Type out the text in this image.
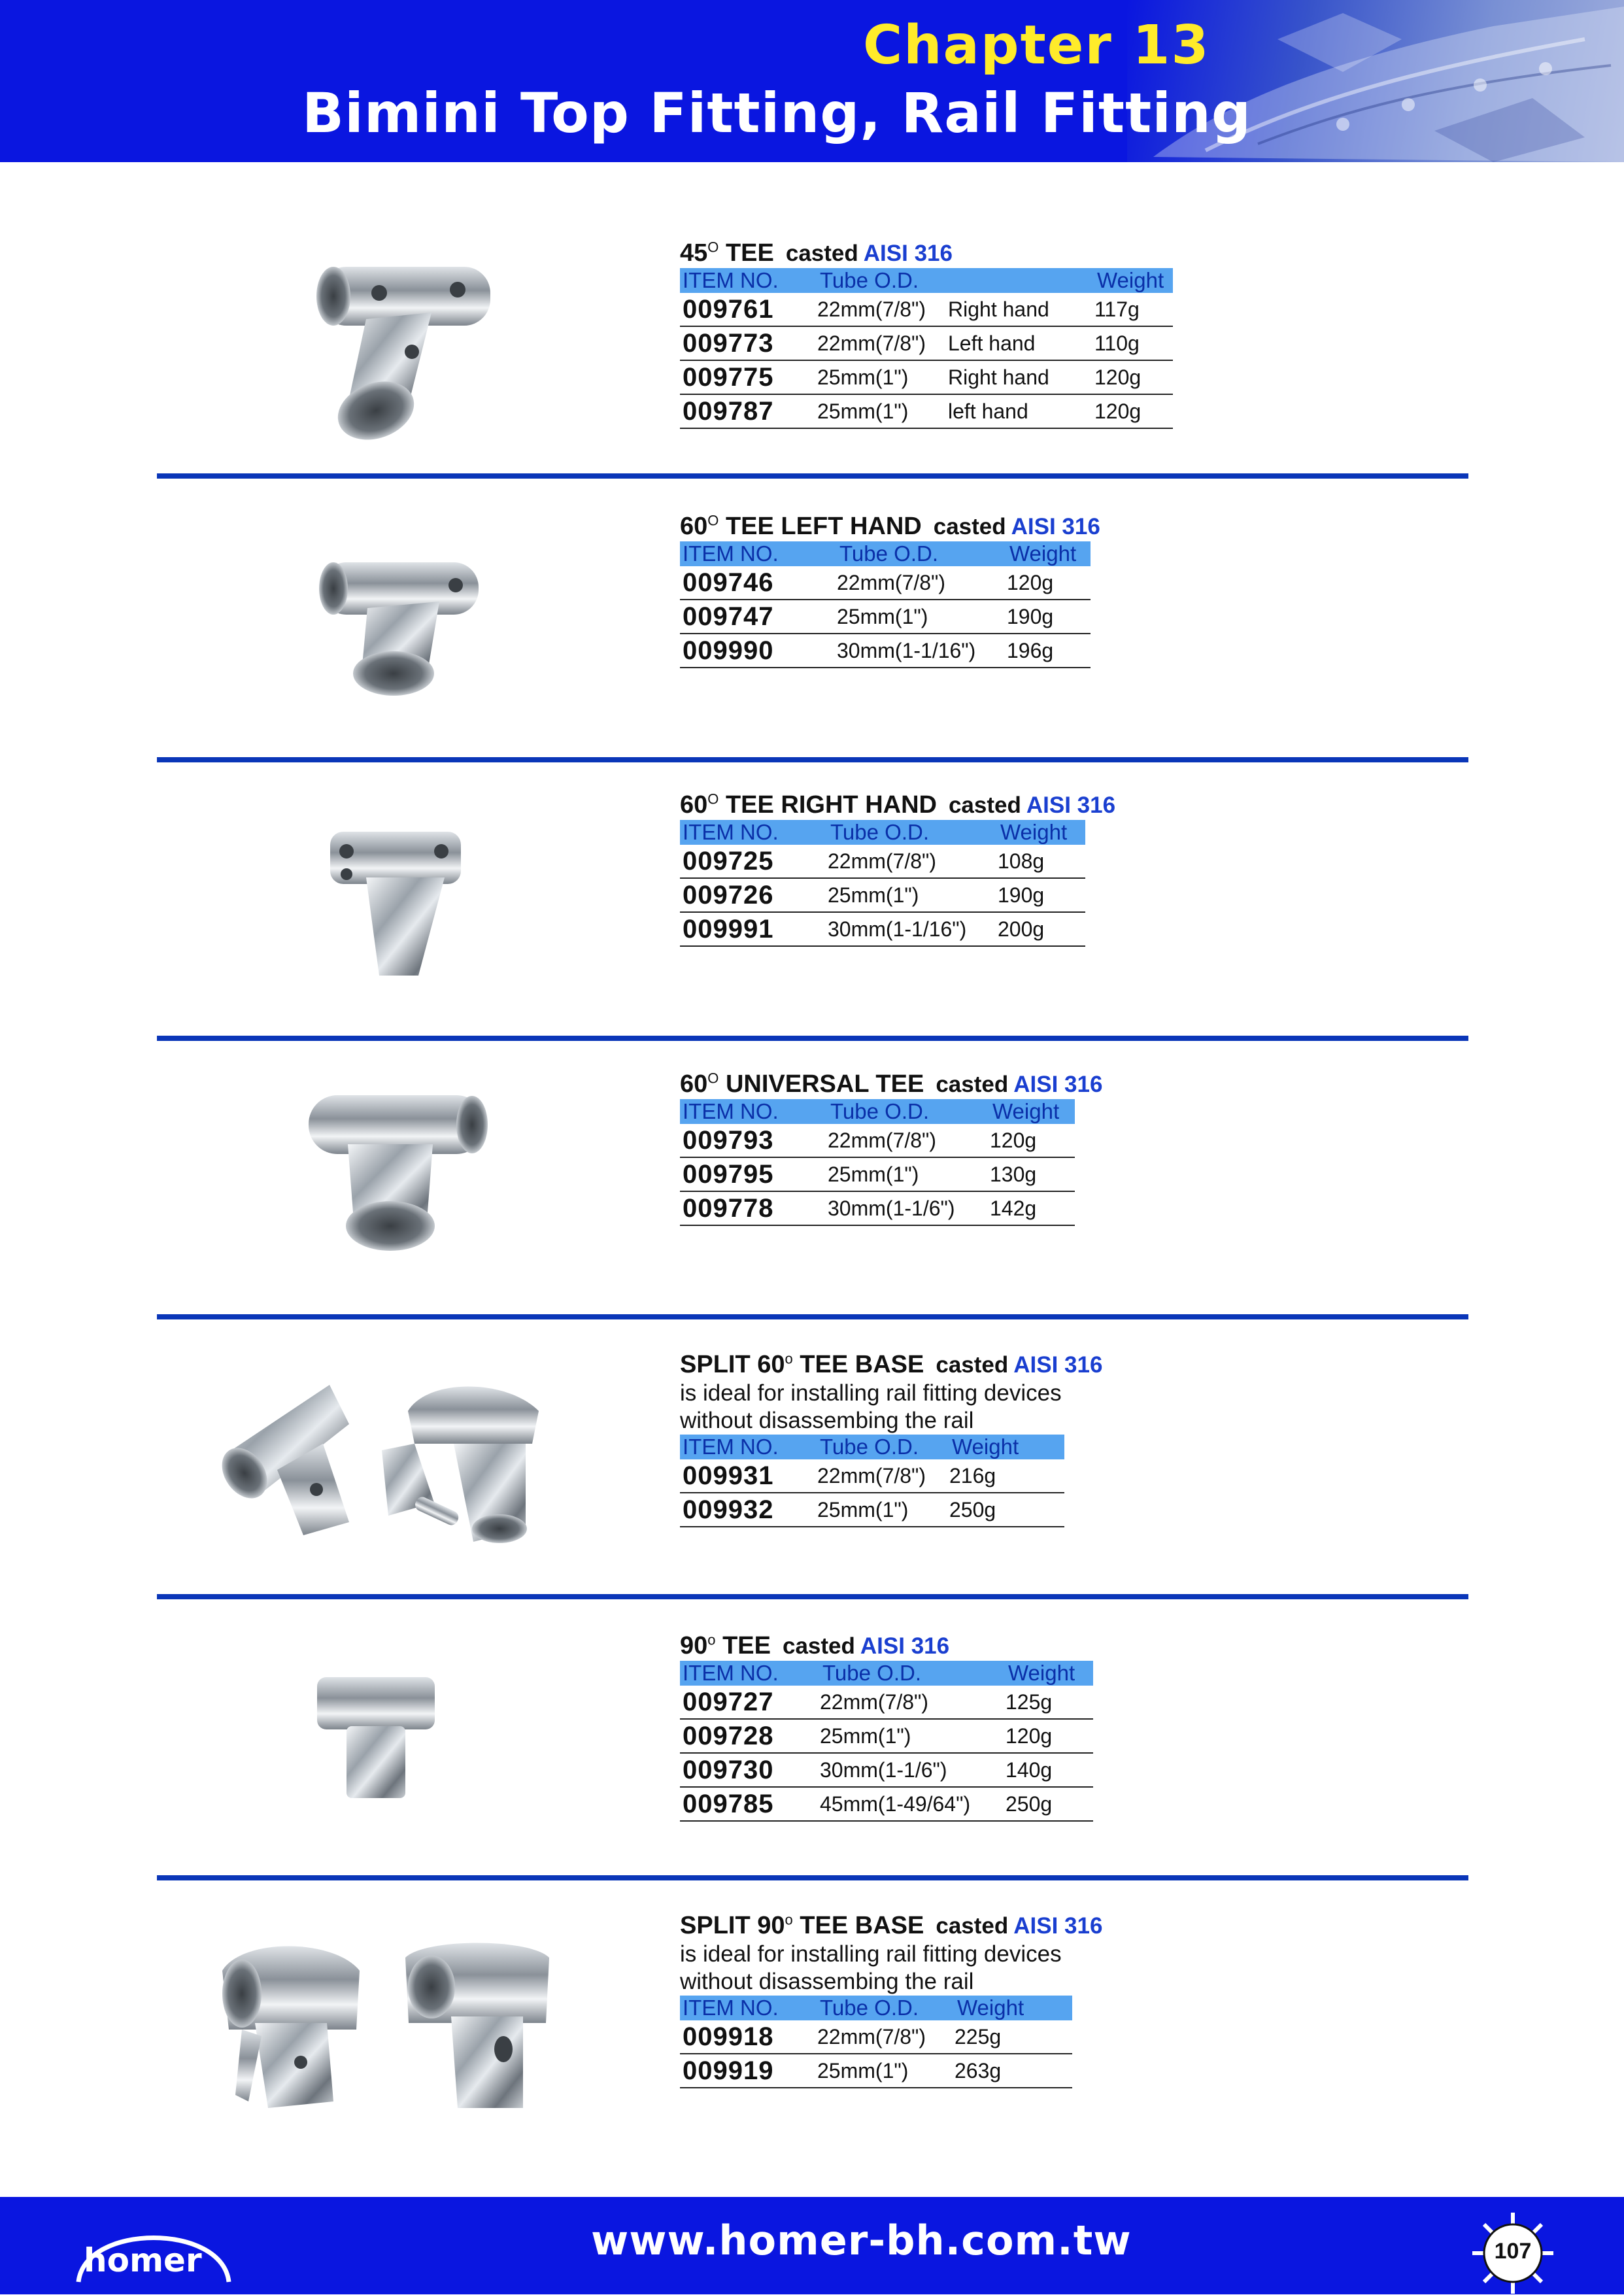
Chapter 13
Bimini Top Fitting, Rail Fitting
$45^O$ TEE casted AISI 316
ITEM NO.	Tube O.D.		Weight
009761	22mm(7/8")	Right hand	117g
009773	22mm(7/8")	Left hand	110g
009775	25mm(1")	Right hand	120g
009787	25mm(1")	left hand	120g
$60^O$ TEE LEFT HAND casted AISI 316
ITEM NO.	Tube O.D.	Weight
009746	22mm(7/8")	120g
009747	25mm(1")	190g
009990	30mm(1-1/16")	196g
$60^O$ TEE RIGHT HAND casted AISI 316
ITEM NO.	Tube O.D.	Weight
009725	22mm(7/8")	108g
009726	25mm(1")	190g
009991	30mm(1-1/16")	200g
$60^O$ UNIVERSAL TEE casted AISI 316
ITEM NO.	Tube O.D.	Weight
009793	22mm(7/8")	120g
009795	25mm(1")	130g
009778	30mm(1-1/6")	142g
SPLIT 60$^o$ TEE BASE casted AISI 316
is ideal for installing rail fitting devices
without disassembing the rail
ITEM NO.	Tube O.D.	Weight
009931	22mm(7/8")	216g
009932	25mm(1")	250g
90$^o$ TEE casted AISI 316
ITEM NO.	Tube O.D.	Weight
009727	22mm(7/8")	125g
009728	25mm(1")	120g
009730	30mm(1-1/6")	140g
009785	45mm(1-49/64")	250g
SPLIT 90$^o$ TEE BASE casted AISI 316
is ideal for installing rail fitting devices
without disassembing the rail
ITEM NO.	Tube O.D.	Weight
009918	22mm(7/8")	225g
009919	25mm(1")	263g
homer	www.homer-bh.com.tw	107
